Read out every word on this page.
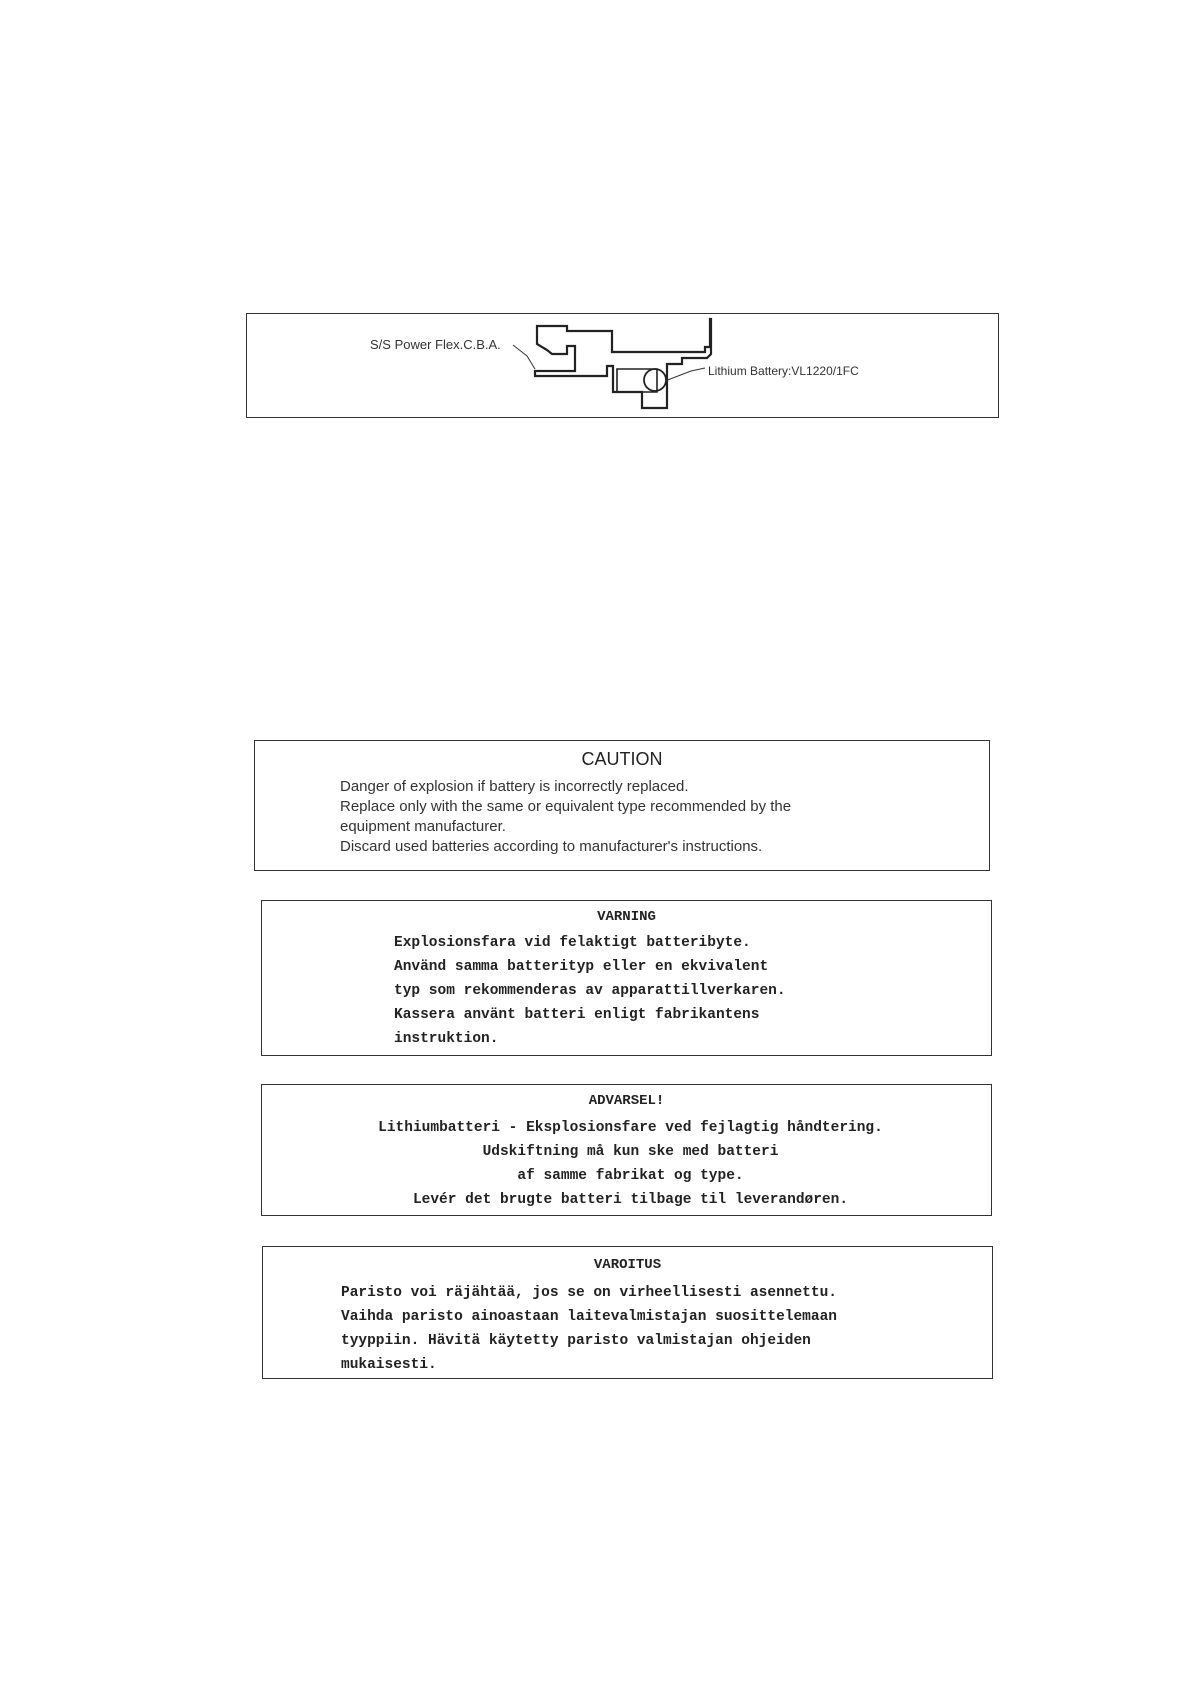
S/S Power Flex.C.B.A.
Lithium Battery:VL1220/1FC
CAUTION
Danger of explosion if battery is incorrectly replaced.
Replace only with the same or equivalent type recommended by the
equipment manufacturer.
Discard used batteries according to manufacturer's instructions.
VARNING
Explosionsfara vid felaktigt batteribyte.
Använd samma batterityp eller en ekvivalent
typ som rekommenderas av apparattillverkaren.
Kassera använt batteri enligt fabrikantens
instruktion.
ADVARSEL!
Lithiumbatteri - Eksplosionsfare ved fejlagtig håndtering.
Udskiftning må kun ske med batteri
af samme fabrikat og type.
Levér det brugte batteri tilbage til leverandøren.
VAROITUS
Paristo voi räjähtää, jos se on virheellisesti asennettu.
Vaihda paristo ainoastaan laitevalmistajan suosittelemaan
tyyppiin. Hävitä käytetty paristo valmistajan ohjeiden
mukaisesti.
